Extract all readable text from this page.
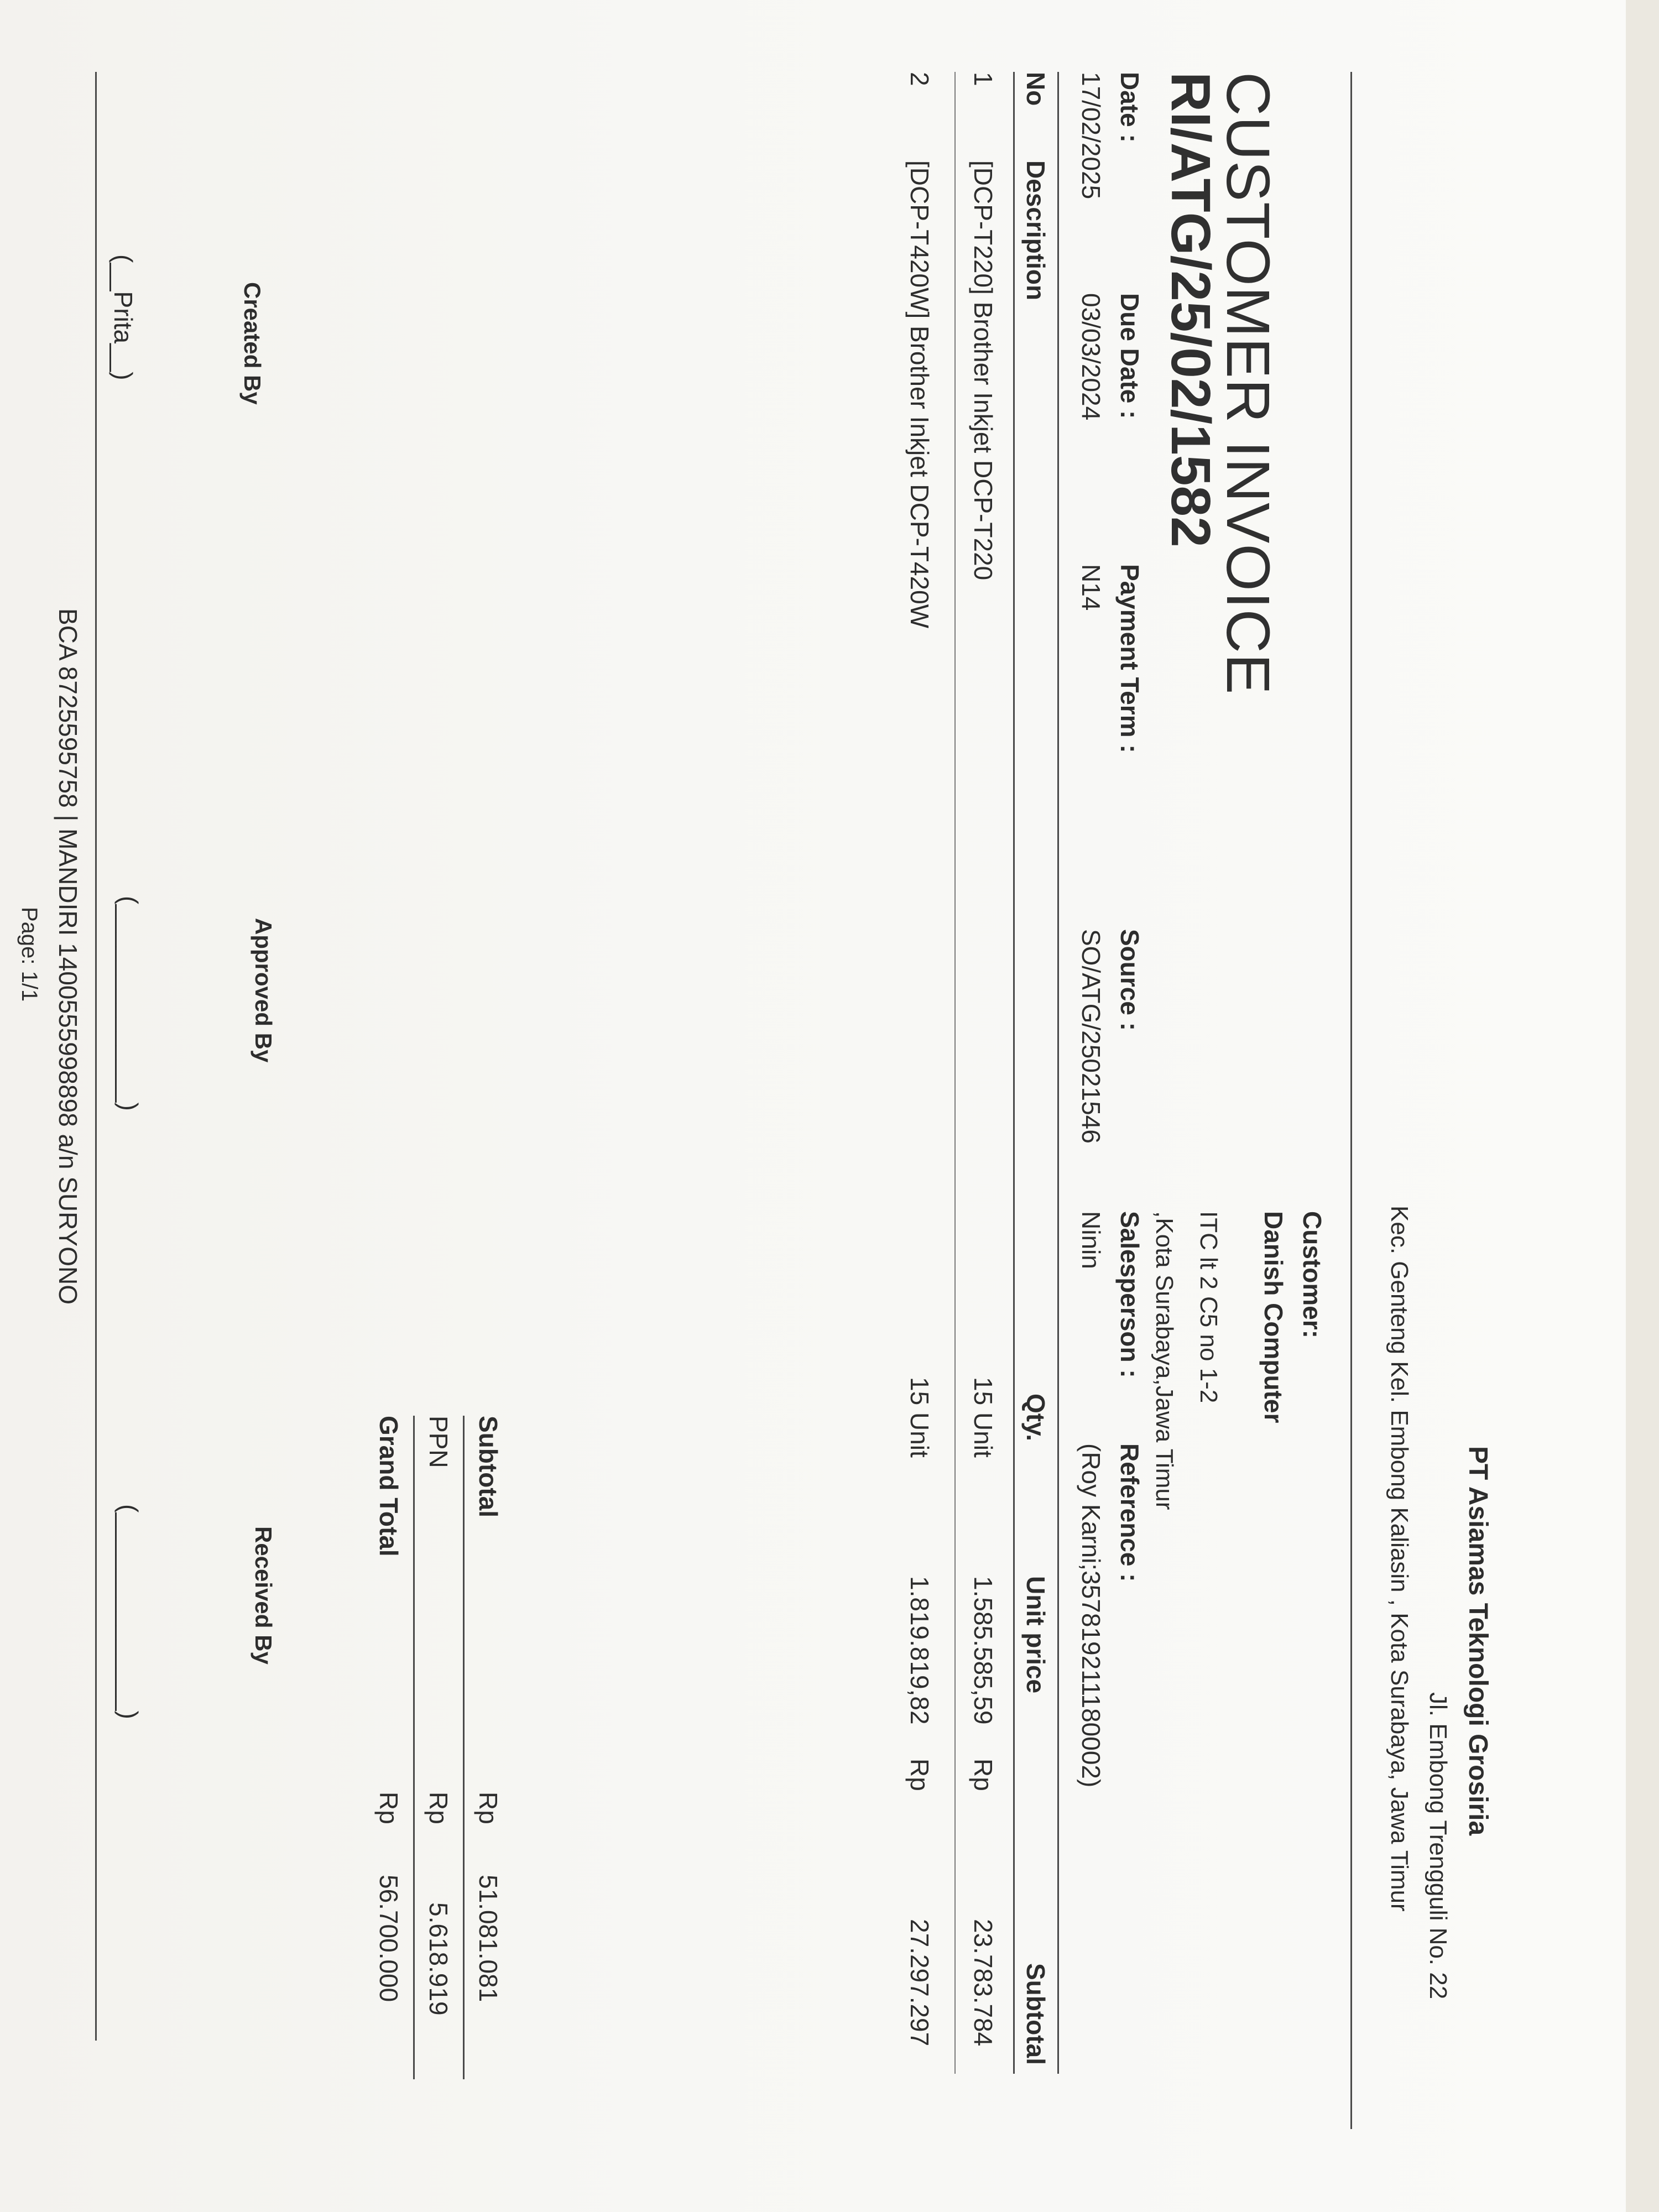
PT Asiamas Teknologi Grosiria
Jl. Embong Trengguli No. 22
Kec. Genteng Kel. Embong Kaliasin , Kota Surabaya, Jawa Timur
CUSTOMER INVOICE
RI/ATG/25/02/1582
Customer:
Danish Computer
ITC lt 2 C5 no 1-2
,Kota Surabaya,Jawa Timur
Date :
Due Date :
Payment Term :
Source :
Salesperson :
Reference :
17/02/2025
03/03/2024
N14
SO/ATG/25021546
Ninin
(Roy Karni;357819211180002)
No
Description
Qty.
Unit price
Subtotal
1
[DCP-T220] Brother Inkjet DCP-T220
15 Unit
1.585.585,59
Rp
23.783.784
2
[DCP-T420W] Brother Inkjet DCP-T420W
15 Unit
1.819.819,82
Rp
27.297.297
Subtotal
Rp
51.081.081
PPN
Rp
5.618.919
Grand Total
Rp
56.700.000
Created By
Approved By
Received By
(__Prita__)
(______________)
(______________)
BCA 8725595758 | MANDIRI 1400555998898 a/n SURYONO
Page: 1/1
